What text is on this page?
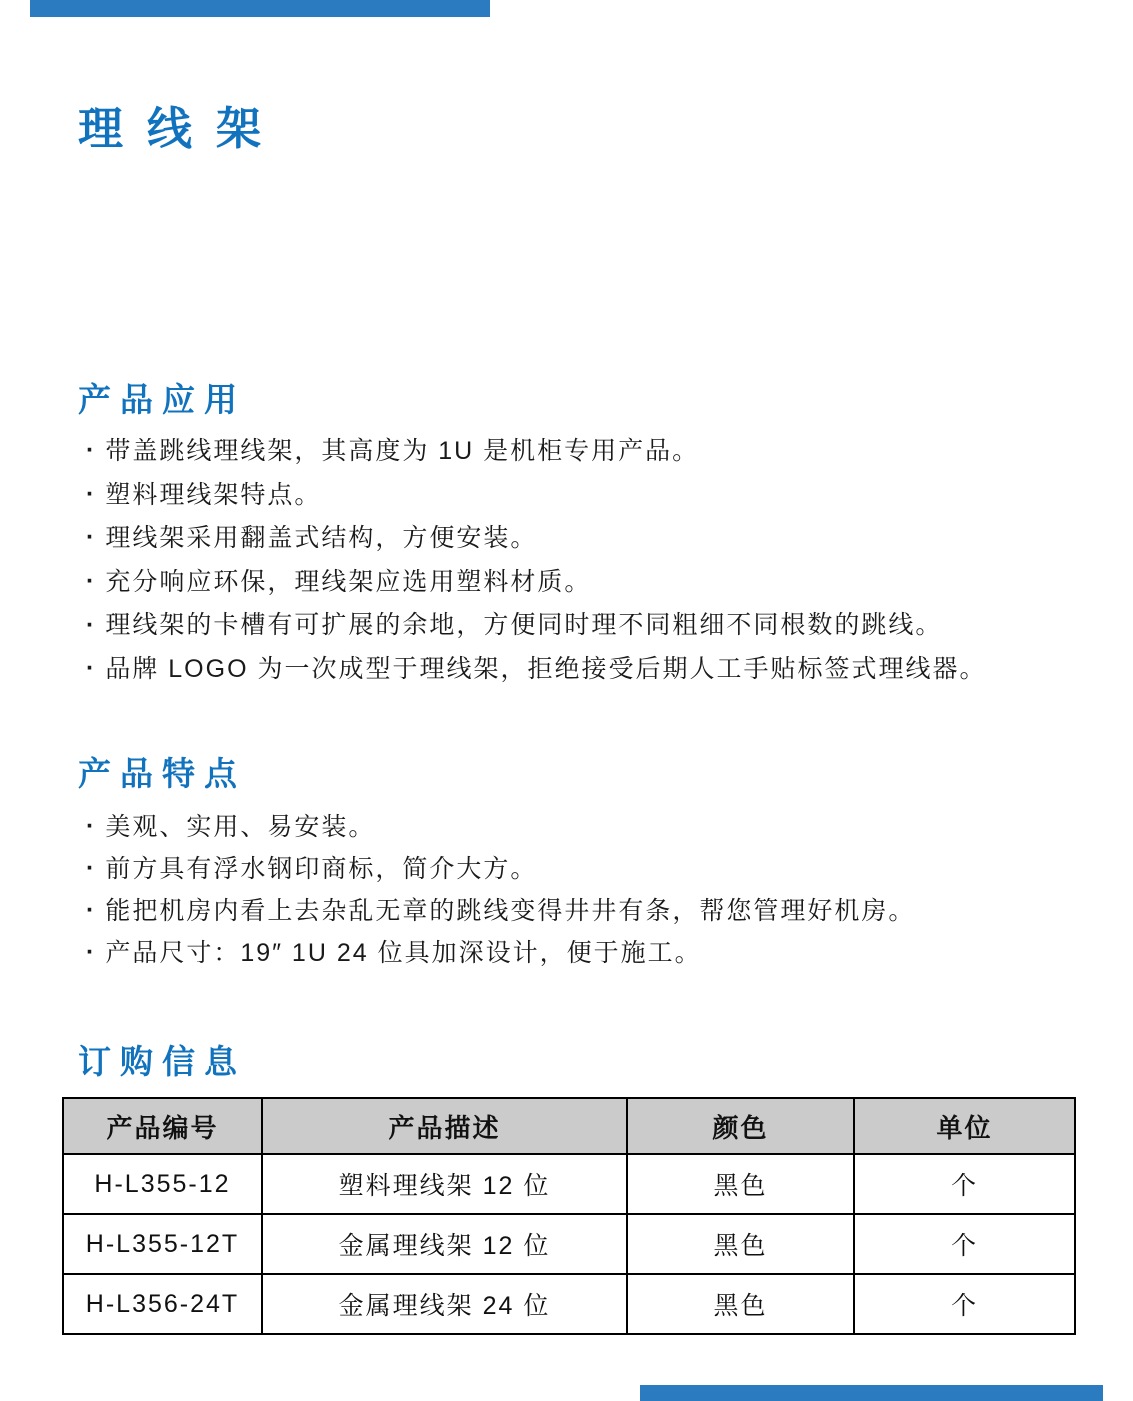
理线架
产品应用
· 带盖跳线理线架，其高度为 1U 是机柜专用产品。
· 塑料理线架特点。
· 理线架采用翻盖式结构，方便安装。
· 充分响应环保，理线架应选用塑料材质。
· 理线架的卡槽有可扩展的余地，方便同时理不同粗细不同根数的跳线。
· 品牌 LOGO 为一次成型于理线架，拒绝接受后期人工手贴标签式理线器。
产品特点
· 美观、实用、易安装。
· 前方具有浮水钢印商标，简介大方。
· 能把机房内看上去杂乱无章的跳线变得井井有条，帮您管理好机房。
· 产品尺寸：19″ 1U 24 位具加深设计，便于施工。
订购信息
产品编号	产品描述	颜色	单位
H-L355-12	塑料理线架 12 位	黑色	个
H-L355-12T	金属理线架 12 位	黑色	个
H-L356-24T	金属理线架 24 位	黑色	个
